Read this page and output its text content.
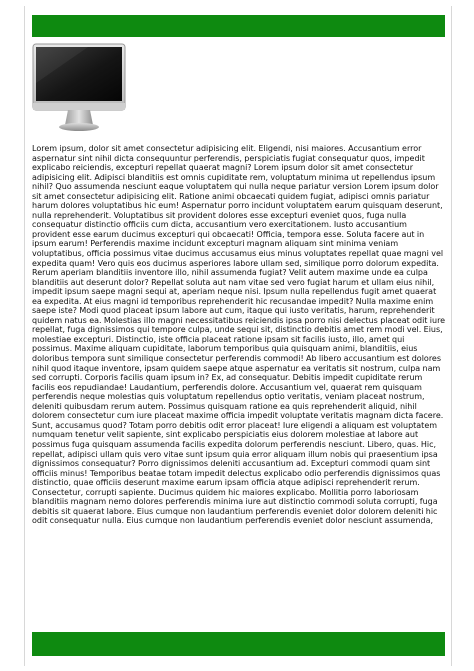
Lorem ipsum, dolor sit amet consectetur adipisicing elit. Eligendi, nisi maiores. Accusantium error aspernatur sint nihil dicta consequuntur perferendis, perspiciatis fugiat consequatur quos, impedit explicabo reiciendis, excepturi repellat quaerat magni? Lorem ipsum dolor sit amet consectetur adipisicing elit. Adipisci blanditiis est omnis cupiditate rem, voluptatum minima ut repellendus ipsum nihil? Quo assumenda nesciunt eaque voluptatem qui nulla neque pariatur version Lorem ipsum dolor sit amet consectetur adipisicing elit. Ratione animi obcaecati quidem fugiat, adipisci omnis pariatur harum dolores voluptatibus hic eum! Aspernatur porro incidunt voluptatem earum quisquam deserunt, nulla reprehenderit. Voluptatibus sit provident dolores esse excepturi eveniet quos, fuga nulla consequatur distinctio officiis cum dicta, accusantium vero exercitationem. Iusto accusantium provident esse earum ducimus excepturi qui obcaecati! Officia, tempora esse. Soluta facere aut in ipsum earum! Perferendis maxime incidunt excepturi magnam aliquam sint minima veniam voluptatibus, officia possimus vitae ducimus accusamus eius minus voluptates repellat quae magni vel expedita quam! Vero quis eos ducimus asperiores labore ullam sed, similique porro dolorum expedita. Rerum aperiam blanditiis inventore illo, nihil assumenda fugiat? Velit autem maxime unde ea culpa blanditiis aut deserunt dolor? Repellat soluta aut nam vitae sed vero fugiat harum et ullam eius nihil, impedit ipsum saepe magni sequi at, aperiam neque nisi. Ipsum nulla repellendus fugit amet quaerat ea expedita. At eius magni id temporibus reprehenderit hic recusandae impedit? Nulla maxime enim saepe iste? Modi quod placeat ipsum labore aut cum, itaque qui iusto veritatis, harum, reprehenderit quidem natus ea. Molestias illo magni necessitatibus reiciendis ipsa porro nisi delectus placeat odit iure repellat, fuga dignissimos qui tempore culpa, unde sequi sit, distinctio debitis amet rem modi vel. Eius, molestiae excepturi. Distinctio, iste officia placeat ratione ipsam sit facilis iusto, illo, amet qui possimus. Maxime aliquam cupiditate, laborum temporibus quia quisquam animi, blanditiis, eius doloribus tempora sunt similique consectetur perferendis commodi! Ab libero accusantium est dolores nihil quod itaque inventore, ipsam quidem saepe atque aspernatur ea veritatis sit nostrum, culpa nam sed corrupti. Corporis facilis quam ipsum in? Ex, ad consequatur. Debitis impedit cupiditate rerum facilis eos repudiandae! Laudantium, perferendis dolore. Accusantium vel, quaerat rem quisquam perferendis neque molestias quis voluptatum repellendus optio veritatis, veniam placeat nostrum, deleniti quibusdam rerum autem. Possimus quisquam ratione ea quis reprehenderit aliquid, nihil dolorem consectetur cum iure placeat maxime officia impedit voluptate veritatis magnam dicta facere. Sunt, accusamus quod? Totam porro debitis odit error placeat! Iure eligendi a aliquam est voluptatem numquam tenetur velit sapiente, sint explicabo perspiciatis eius dolorem molestiae at labore aut possimus fuga quisquam assumenda facilis expedita dolorum perferendis nesciunt. Libero, quas. Hic, repellat, adipisci ullam quis vero vitae sunt ipsum quia error aliquam illum nobis qui praesentium ipsa dignissimos consequatur? Porro dignissimos deleniti accusantium ad. Excepturi commodi quam sint officiis minus! Temporibus beatae totam impedit delectus explicabo odio perferendis dignissimos quas distinctio, quae officiis deserunt maxime earum ipsam officia atque adipisci reprehenderit rerum. Consectetur, corrupti sapiente. Ducimus quidem hic maiores explicabo. Mollitia porro laboriosam blanditiis magnam nemo dolores perferendis minima iure aut distinctio commodi soluta corrupti, fuga debitis sit quaerat labore. Eius cumque non laudantium perferendis eveniet dolor dolorem deleniti hic odit consequatur nulla. Eius cumque non laudantium perferendis eveniet dolor nesciunt assumenda,
